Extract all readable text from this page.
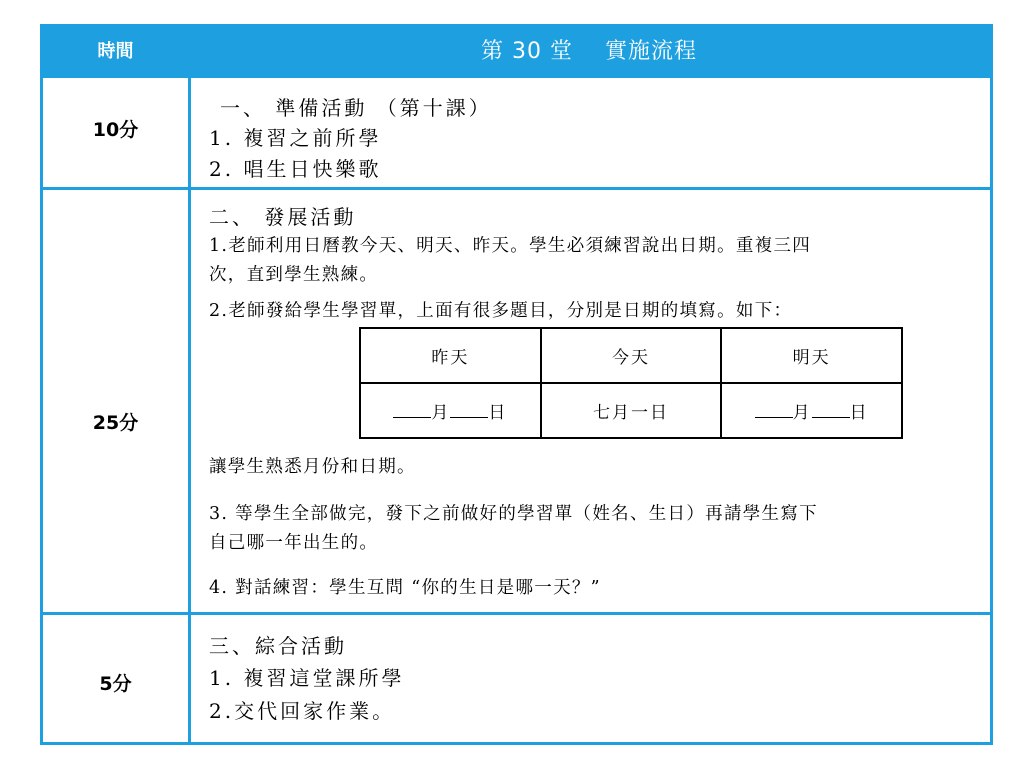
時間	第 30 堂    實施流程
10分
一、 準備活動 （第十課）
1. 複習之前所學
2. 唱生日快樂歌
25分
二、 發展活動
1.老師利用日曆教今天、明天、昨天。學生必須練習說出日期。重複三四
次，直到學生熟練。
2.老師發給學生學習單，上面有很多題目，分別是日期的填寫。如下：
昨天	今天	明天
月 日	七月一日	月 日
讓學生熟悉月份和日期。
3. 等學生全部做完，發下之前做好的學習單（姓名、生日）再請學生寫下
自己哪一年出生的。
4. 對話練習：學生互問 “你的生日是哪一天？”
5分
三、綜合活動
1. 複習這堂課所學
2.交代回家作業。
